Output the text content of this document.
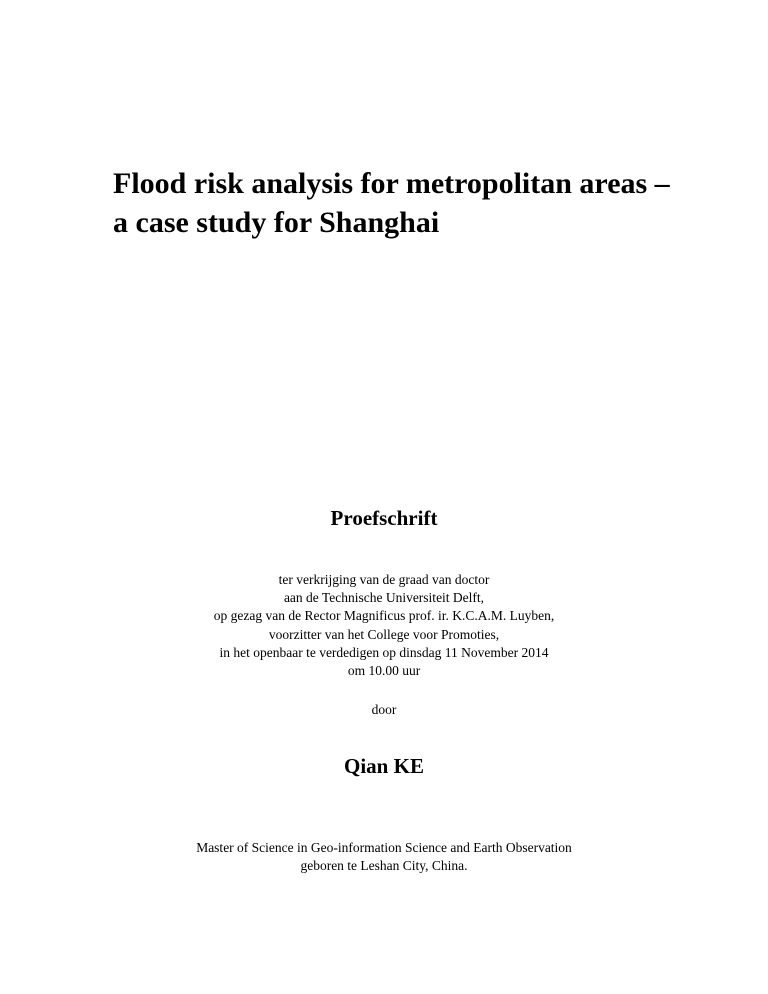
Flood risk analysis for metropolitan areas –
a case study for Shanghai
Proefschrift
ter verkrijging van de graad van doctor
aan de Technische Universiteit Delft,
op gezag van de Rector Magnificus prof. ir. K.C.A.M. Luyben,
voorzitter van het College voor Promoties,
in het openbaar te verdedigen op dinsdag 11 November 2014
om 10.00 uur
door
Qian KE
Master of Science in Geo-information Science and Earth Observation
geboren te Leshan City, China.
